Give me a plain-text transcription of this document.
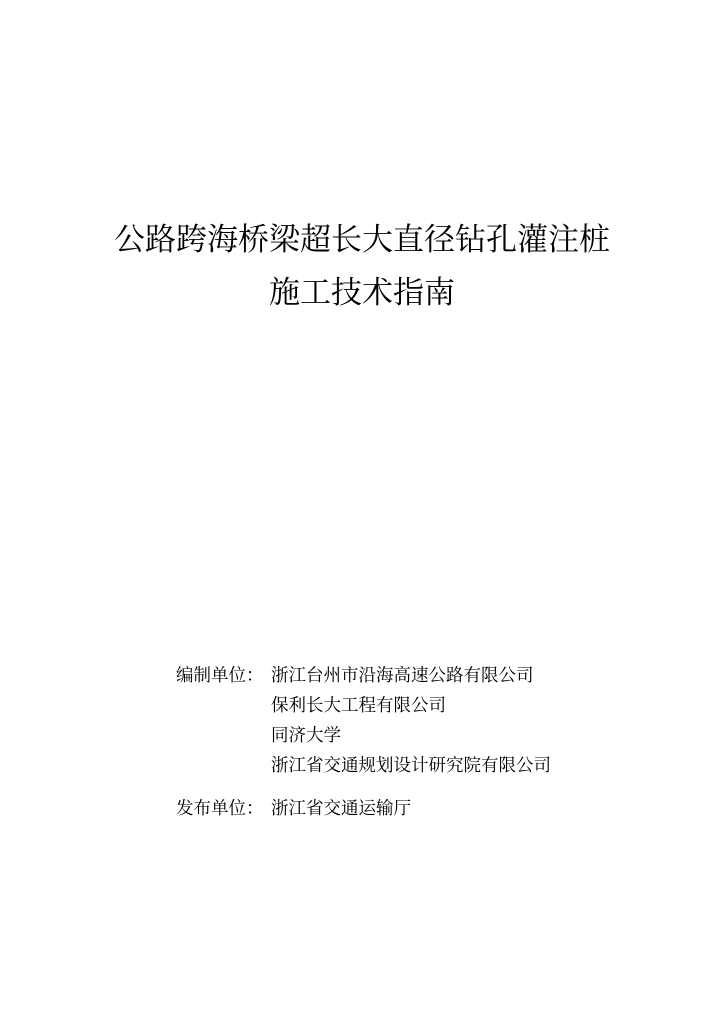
公路跨海桥梁超长大直径钻孔灌注桩
施工技术指南
编制单位： 浙江台州市沿海高速公路有限公司
保利长大工程有限公司
同济大学
浙江省交通规划设计研究院有限公司
发布单位： 浙江省交通运输厅
